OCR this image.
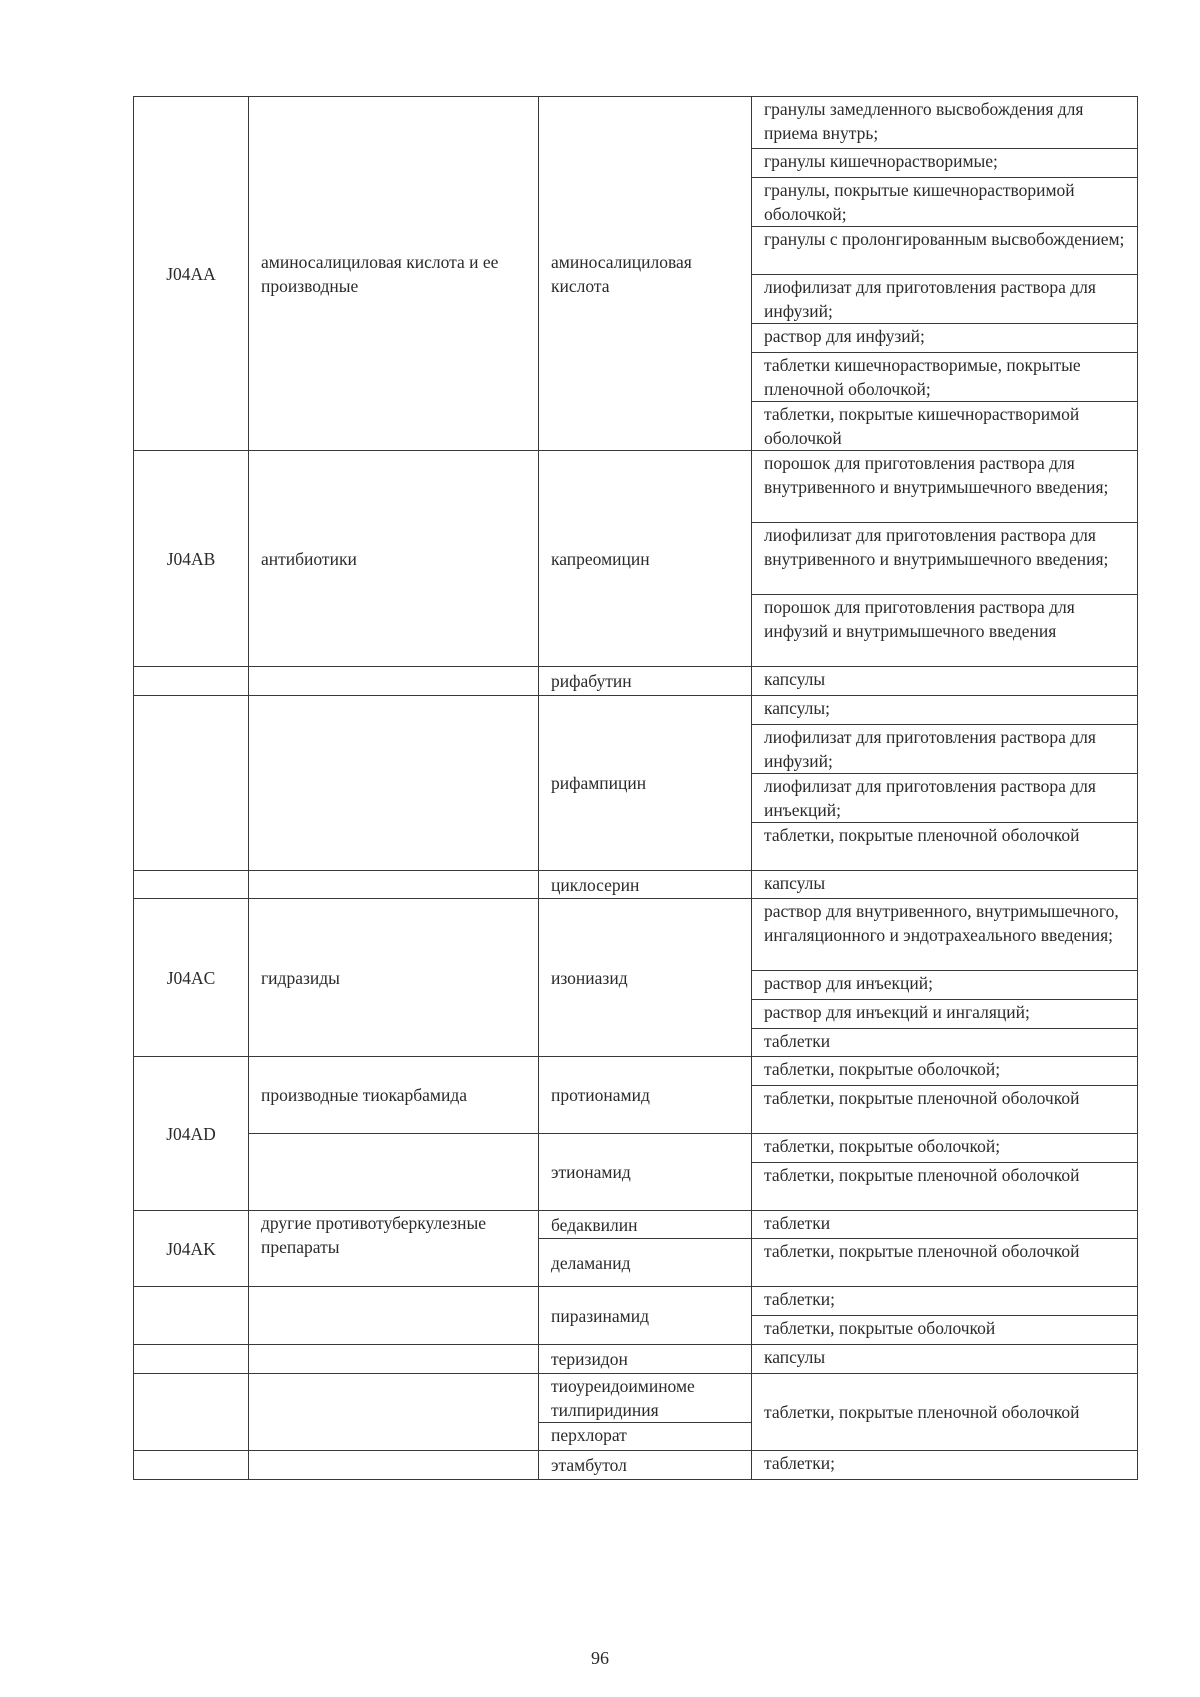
J04AA	аминосалициловая кислота и ее производные	аминосалициловая кислота	гранулы замедленного высвобождения для приема внутрь;
			гранулы кишечнорастворимые;
			гранулы, покрытые кишечнорастворимой оболочкой;
			гранулы с пролонгированным высвобождением;
			лиофилизат для приготовления раствора для инфузий;
			раствор для инфузий;
			таблетки кишечнорастворимые, покрытые пленочной оболочкой;
			таблетки, покрытые кишечнорастворимой оболочкой
J04AB	антибиотики	капреомицин	порошок для приготовления раствора для внутривенного и внутримышечного введения;
			лиофилизат для приготовления раствора для внутривенного и внутримышечного введения;
			порошок для приготовления раствора для инфузий и внутримышечного введения
		рифабутин	капсулы
		рифампицин	капсулы;
			лиофилизат для приготовления раствора для инфузий;
			лиофилизат для приготовления раствора для инъекций;
			таблетки, покрытые пленочной оболочкой
		циклосерин	капсулы
J04AC	гидразиды	изониазид	раствор для внутривенного, внутримышечного, ингаляционного и эндотрахеального введения;
			раствор для инъекций;
			раствор для инъекций и ингаляций;
			таблетки
J04AD	производные тиокарбамида	протионамид	таблетки, покрытые оболочкой;
			таблетки, покрытые пленочной оболочкой
		этионамид	таблетки, покрытые оболочкой;
			таблетки, покрытые пленочной оболочкой
J04AK	другие противотуберкулезные препараты	бедаквилин	таблетки
		деламанид	таблетки, покрытые пленочной оболочкой
		пиразинамид	таблетки;
			таблетки, покрытые оболочкой
		теризидон	капсулы
		тиоуреидоиминоме тилпиридиния	таблетки, покрытые пленочной оболочкой
		перхлорат	
		этамбутол	таблетки;
96
